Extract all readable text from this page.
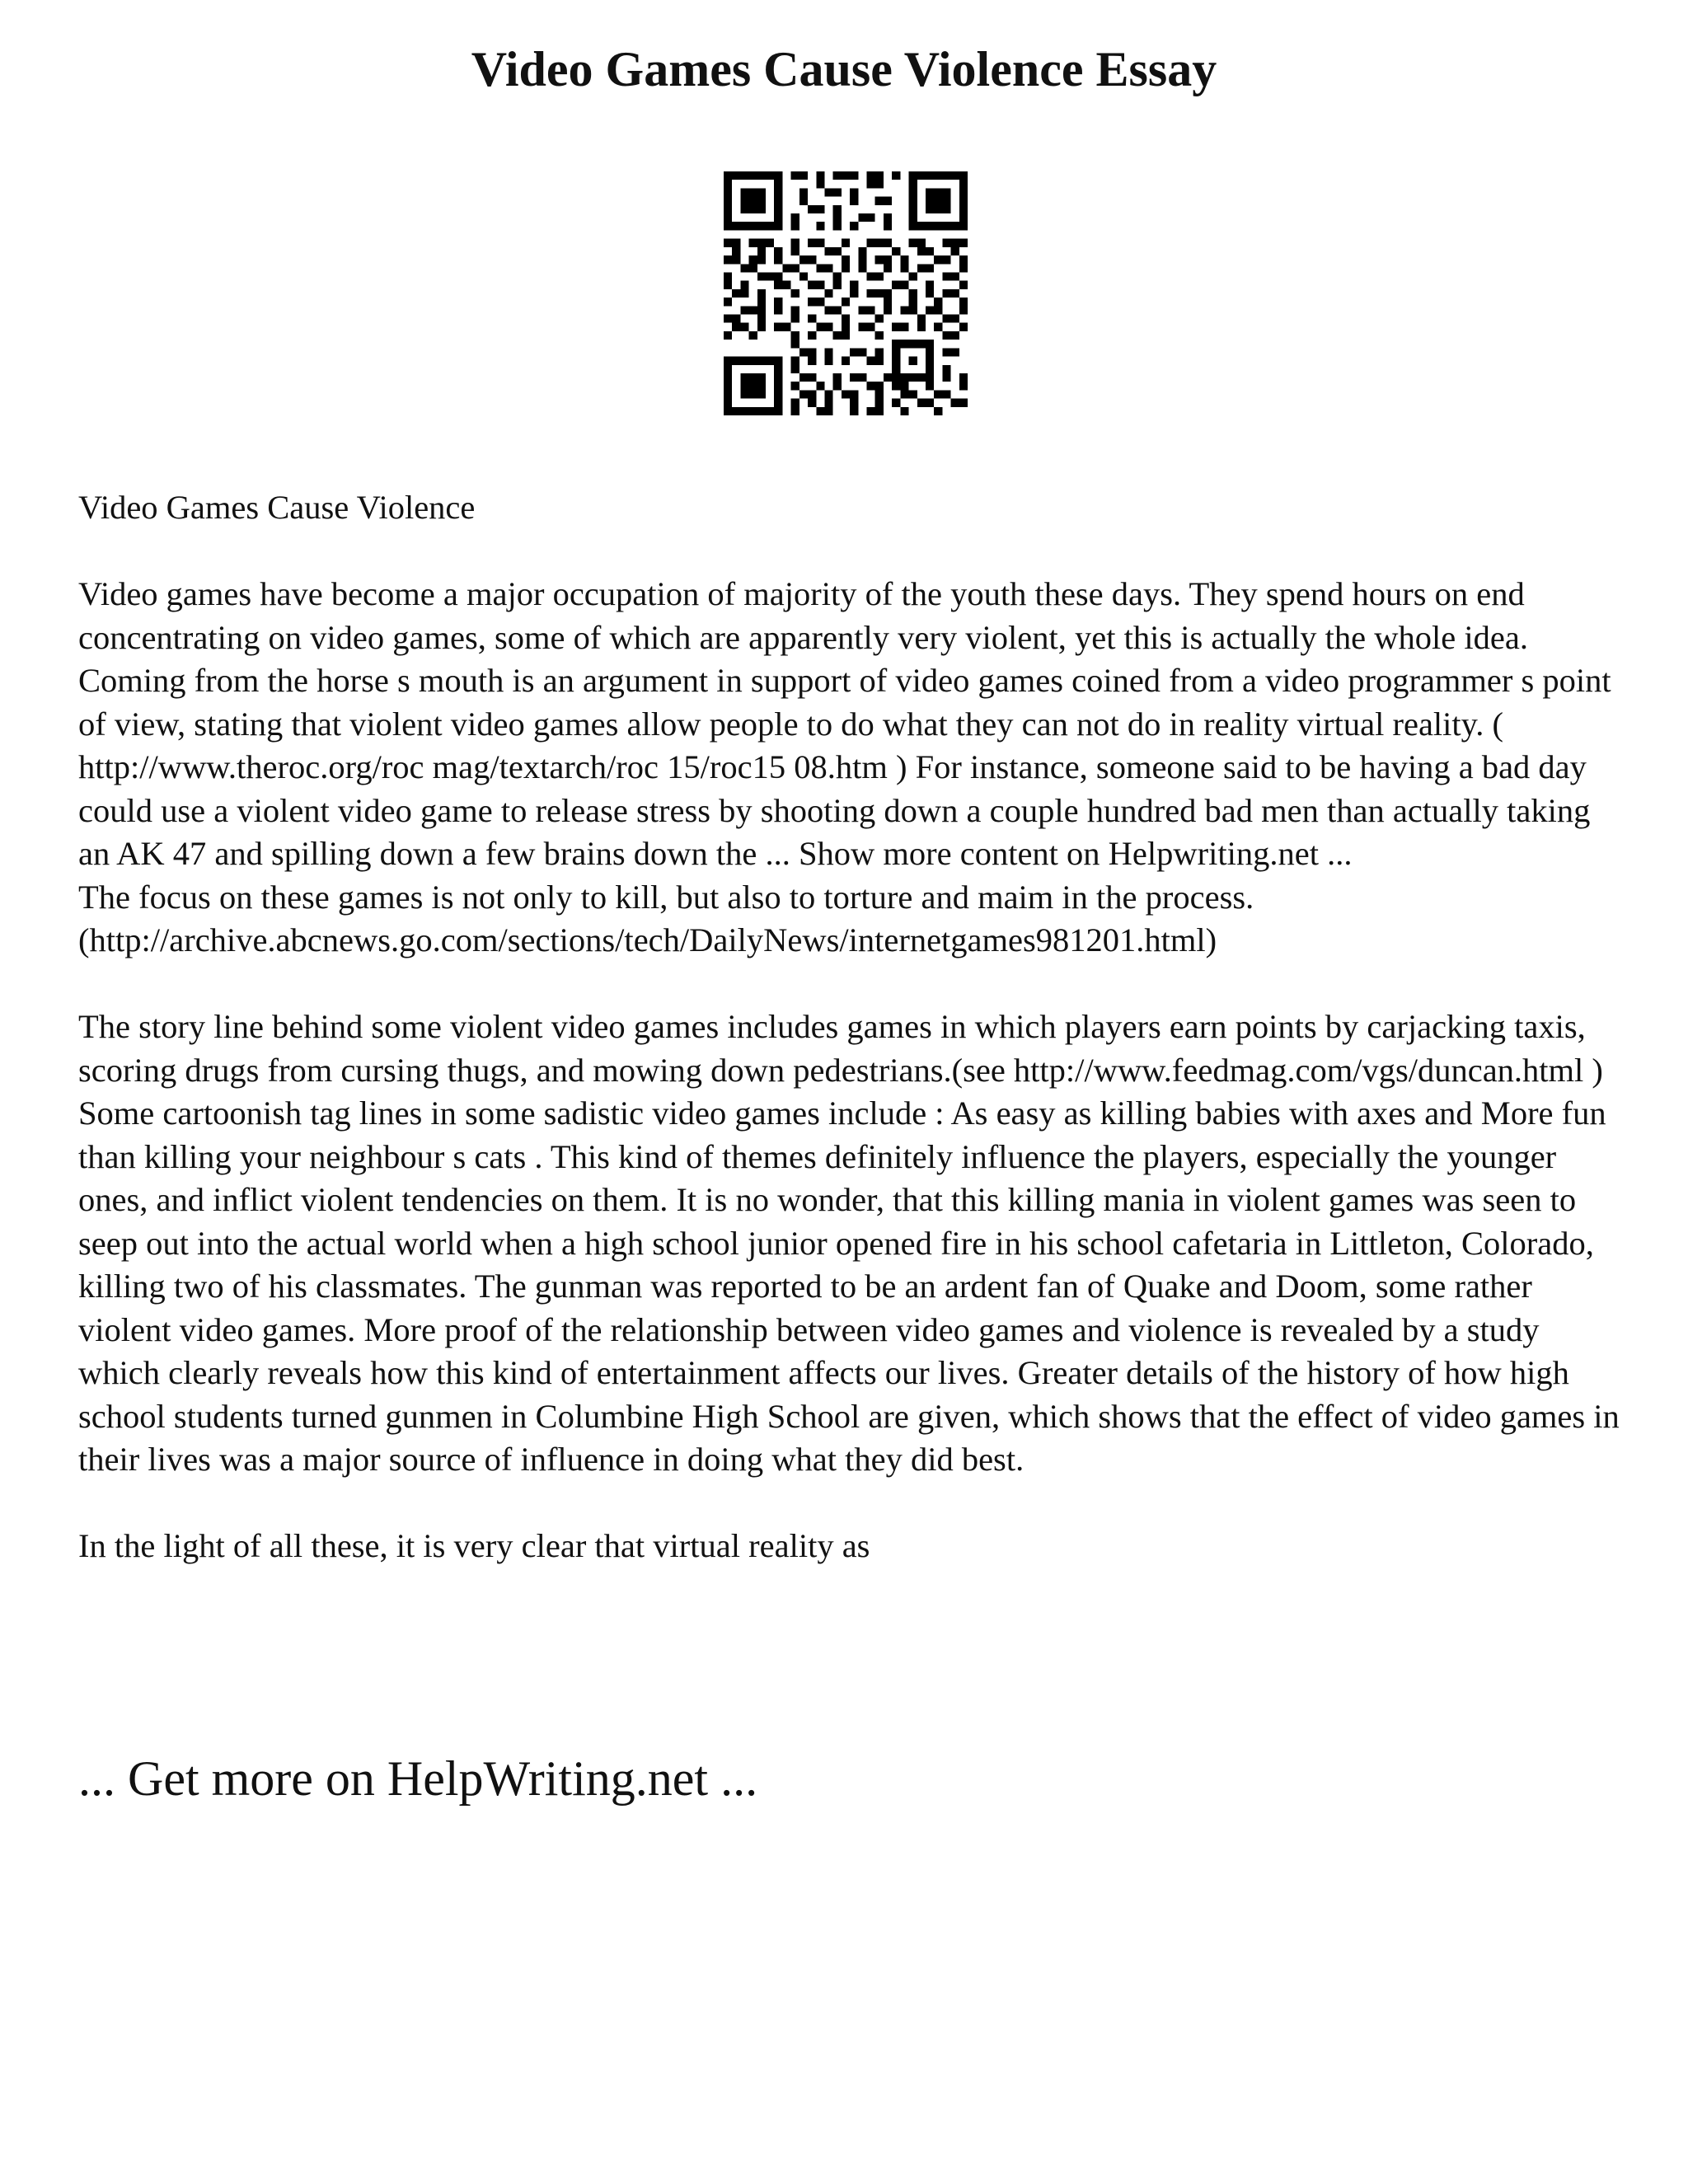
Video Games Cause Violence Essay

Video Games Cause Violence

Video games have become a major occupation of majority of the youth these days. They spend hours on end concentrating on video games, some of which are apparently very violent, yet this is actually the whole idea. Coming from the horse s mouth is an argument in support of video games coined from a video programmer s point of view, stating that violent video games allow people to do what they can not do in reality virtual reality. ( http://www.theroc.org/roc mag/textarch/roc 15/roc15 08.htm ) For instance, someone said to be having a bad day could use a violent video game to release stress by shooting down a couple hundred bad men than actually taking an AK 47 and spilling down a few brains down the ... Show more content on Helpwriting.net ...

The focus on these games is not only to kill, but also to torture and maim in the process. (http://archive.abcnews.go.com/sections/tech/DailyNews/internetgames981201.html)

The story line behind some violent video games includes games in which players earn points by carjacking taxis, scoring drugs from cursing thugs, and mowing down pedestrians.(see http://www.feedmag.com/vgs/duncan.html ) Some cartoonish tag lines in some sadistic video games include : As easy as killing babies with axes and More fun than killing your neighbour s cats . This kind of themes definitely influence the players, especially the younger ones, and inflict violent tendencies on them. It is no wonder, that this killing mania in violent games was seen to seep out into the actual world when a high school junior opened fire in his school cafetaria in Littleton, Colorado, killing two of his classmates. The gunman was reported to be an ardent fan of Quake and Doom, some rather violent video games. More proof of the relationship between video games and violence is revealed by a study which clearly reveals how this kind of entertainment affects our lives. Greater details of the history of how high school students turned gunmen in Columbine High School are given, which shows that the effect of video games in their lives was a major source of influence in doing what they did best.

In the light of all these, it is very clear that virtual reality as

... Get more on HelpWriting.net ...
